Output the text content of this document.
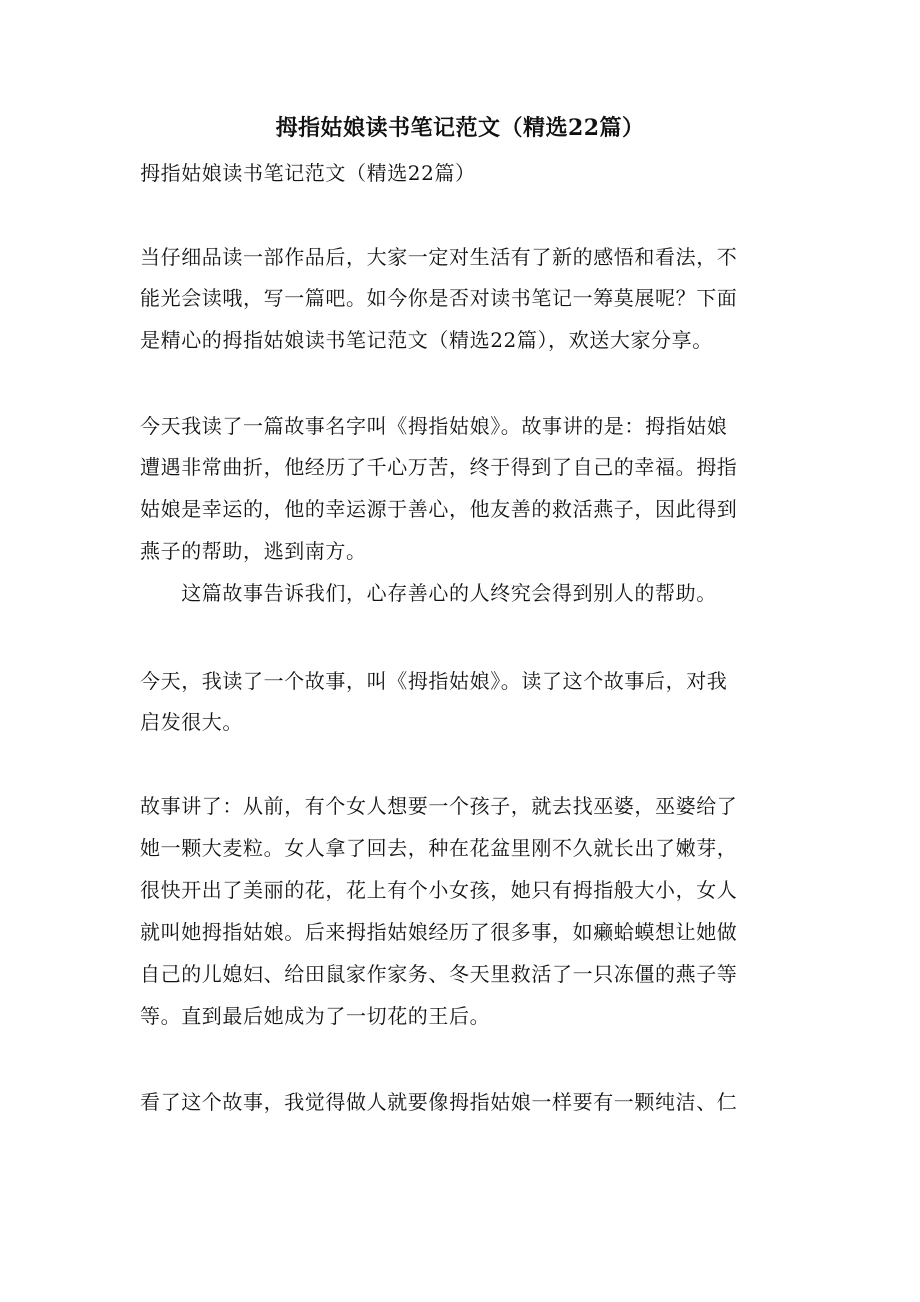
拇指姑娘读书笔记范文（精选22篇）
拇指姑娘读书笔记范文（精选22篇）
当仔细品读一部作品后，大家一定对生活有了新的感悟和看法，不
能光会读哦，写一篇吧。如今你是否对读书笔记一筹莫展呢？下面
是精心的拇指姑娘读书笔记范文（精选22篇），欢送大家分享。
今天我读了一篇故事名字叫《拇指姑娘》。故事讲的是：拇指姑娘
遭遇非常曲折，他经历了千心万苦，终于得到了自己的幸福。拇指
姑娘是幸运的，他的幸运源于善心，他友善的救活燕子，因此得到
燕子的帮助，逃到南方。
　　这篇故事告诉我们，心存善心的人终究会得到别人的帮助。
今天，我读了一个故事，叫《拇指姑娘》。读了这个故事后，对我
启发很大。
故事讲了：从前，有个女人想要一个孩子，就去找巫婆，巫婆给了
她一颗大麦粒。女人拿了回去，种在花盆里刚不久就长出了嫩芽，
很快开出了美丽的花，花上有个小女孩，她只有拇指般大小，女人
就叫她拇指姑娘。后来拇指姑娘经历了很多事，如癞蛤蟆想让她做
自己的儿媳妇、给田鼠家作家务、冬天里救活了一只冻僵的燕子等
等。直到最后她成为了一切花的王后。
看了这个故事，我觉得做人就要像拇指姑娘一样要有一颗纯洁、仁
